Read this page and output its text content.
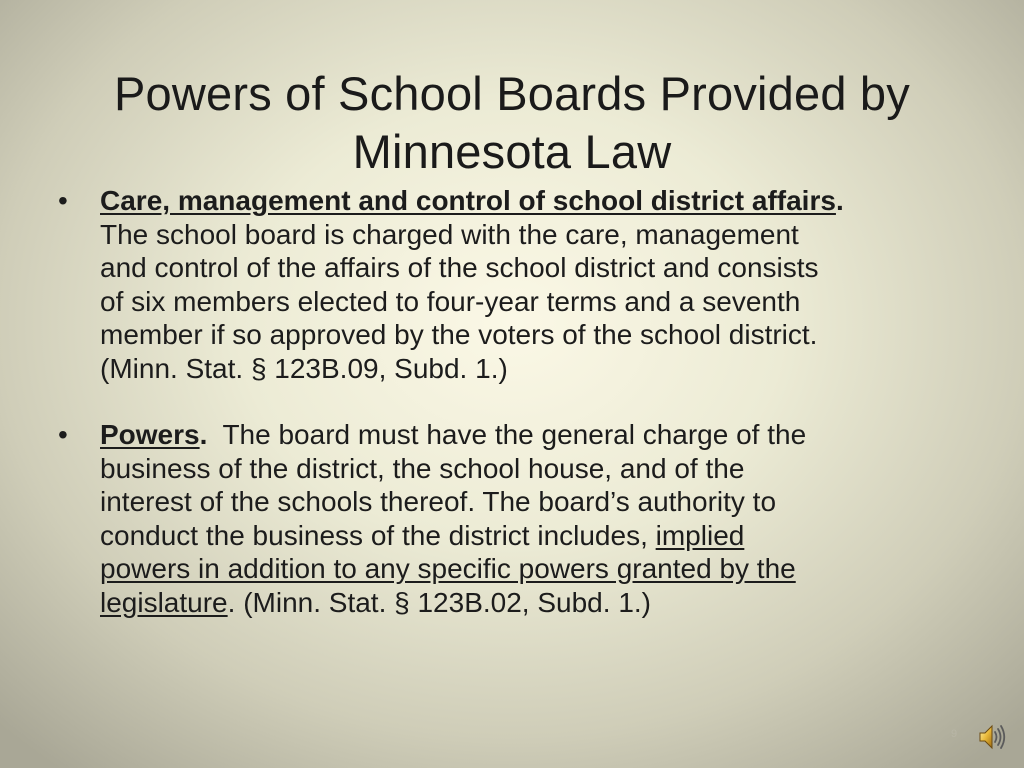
Powers of School Boards Provided by
Minnesota Law
• Care, management and control of school district affairs.
The school board is charged with the care, management
and control of the affairs of the school district and consists
of six members elected to four-year terms and a seventh
member if so approved by the voters of the school district.
(Minn. Stat. § 123B.09, Subd. 1.)
• Powers. The board must have the general charge of the
business of the district, the school house, and of the
interest of the schools thereof. The board’s authority to
conduct the business of the district includes, implied
powers in addition to any specific powers granted by the
legislature. (Minn. Stat. § 123B.02, Subd. 1.)
9
